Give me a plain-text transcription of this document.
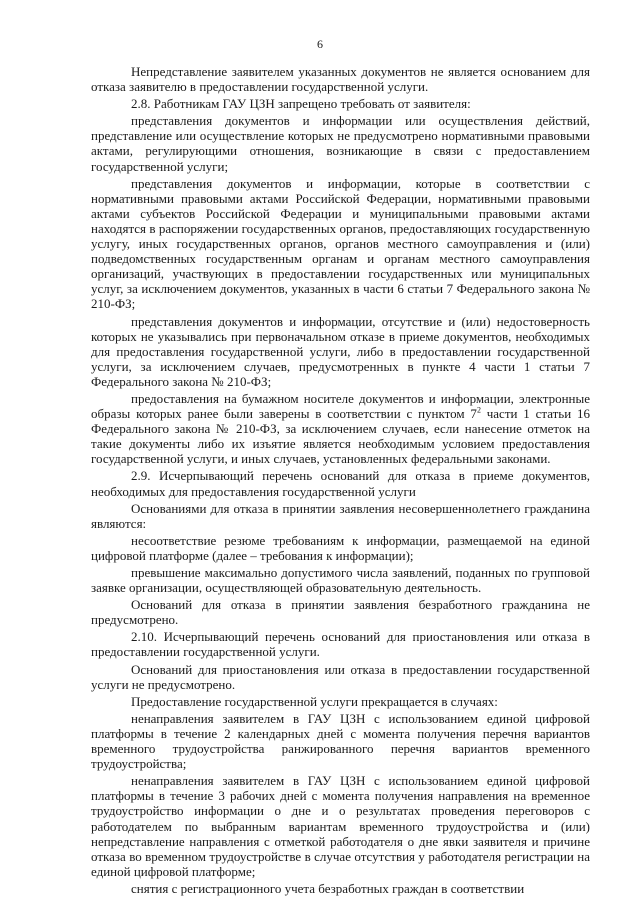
6

Непредставление заявителем указанных документов не является основанием для отказа заявителю в предоставлении государственной услуги.

2.8. Работникам ГАУ ЦЗН запрещено требовать от заявителя:

представления документов и информации или осуществления действий, представление или осуществление которых не предусмотрено нормативными правовыми актами, регулирующими отношения, возникающие в связи с предоставлением государственной услуги;

представления документов и информации, которые в соответствии с нормативными правовыми актами Российской Федерации, нормативными правовыми актами субъектов Российской Федерации и муниципальными правовыми актами находятся в распоряжении государственных органов, предоставляющих государственную услугу, иных государственных органов, органов местного самоуправления и (или) подведомственных государственным органам и органам местного самоуправления организаций, участвующих в предоставлении государственных или муниципальных услуг, за исключением документов, указанных в части 6 статьи 7 Федерального закона № 210-ФЗ;

представления документов и информации, отсутствие и (или) недостоверность которых не указывались при первоначальном отказе в приеме документов, необходимых для предоставления государственной услуги, либо в предоставлении государственной услуги, за исключением случаев, предусмотренных в пункте 4 части 1 статьи 7 Федерального закона № 210-ФЗ;

предоставления на бумажном носителе документов и информации, электронные образы которых ранее были заверены в соответствии с пунктом $7^2$ части 1 статьи 16 Федерального закона № 210-ФЗ, за исключением случаев, если нанесение отметок на такие документы либо их изъятие является необходимым условием предоставления государственной услуги, и иных случаев, установленных федеральными законами.

2.9. Исчерпывающий перечень оснований для отказа в приеме документов, необходимых для предоставления государственной услуги

Основаниями для отказа в принятии заявления несовершеннолетнего гражданина являются:

несоответствие резюме требованиям к информации, размещаемой на единой цифровой платформе (далее – требования к информации);

превышение максимально допустимого числа заявлений, поданных по групповой заявке организации, осуществляющей образовательную деятельность.

Оснований для отказа в принятии заявления безработного гражданина не предусмотрено.

2.10. Исчерпывающий перечень оснований для приостановления или отказа в предоставлении государственной услуги.

Оснований для приостановления или отказа в предоставлении государственной услуги не предусмотрено.

Предоставление государственной услуги прекращается в случаях:

ненаправления заявителем в ГАУ ЦЗН с использованием единой цифровой платформы в течение 2 календарных дней с момента получения перечня вариантов временного трудоустройства ранжированного перечня вариантов временного трудоустройства;

ненаправления заявителем в ГАУ ЦЗН с использованием единой цифровой платформы в течение 3 рабочих дней с момента получения направления на временное трудоустройство информации о дне и о результатах проведения переговоров с работодателем по выбранным вариантам временного трудоустройства и (или) непредставление направления с отметкой работодателя о дне явки заявителя и причине отказа во временном трудоустройстве в случае отсутствия у работодателя регистрации на единой цифровой платформе;

снятия с регистрационного учета безработных граждан в соответствии
